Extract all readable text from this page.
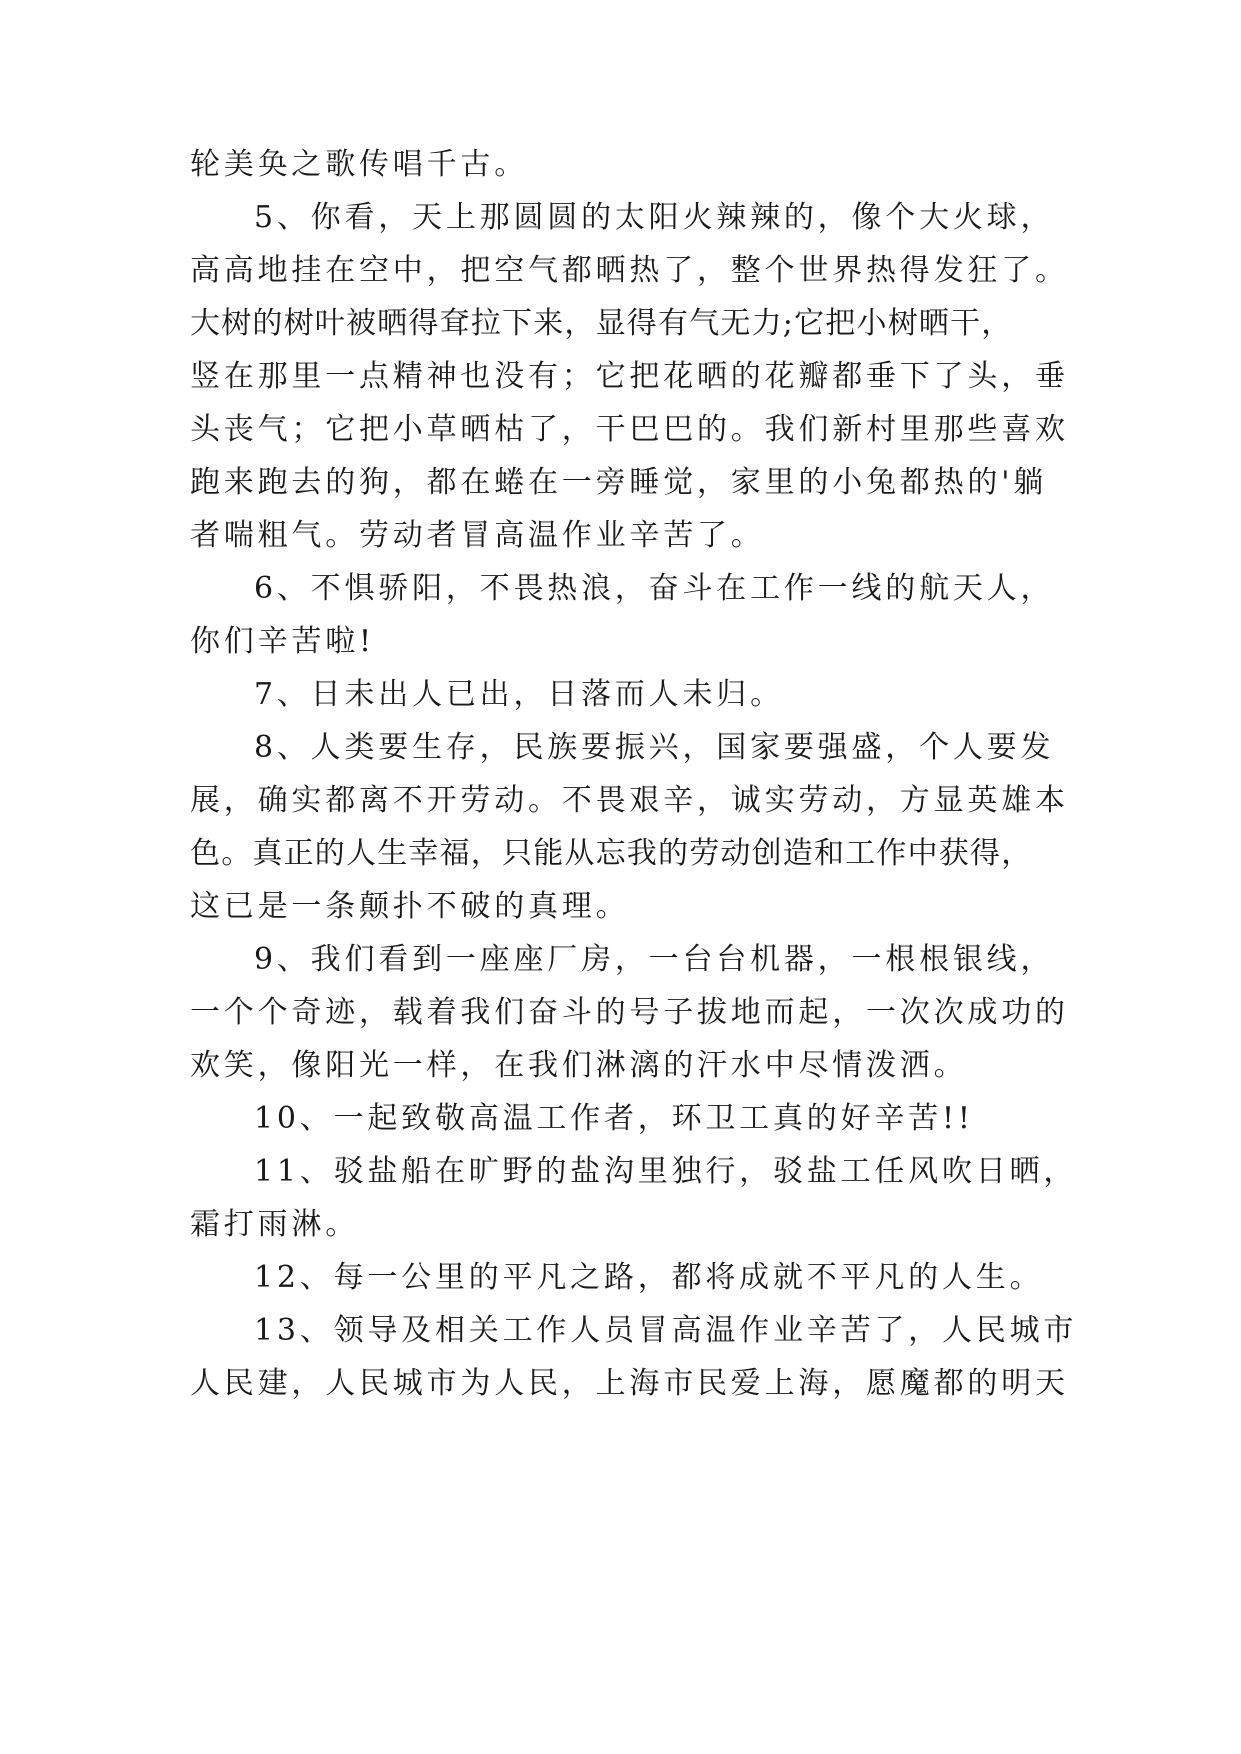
轮美奂之歌传唱千古。
5、你看，天上那圆圆的太阳火辣辣的，像个大火球，
高高地挂在空中，把空气都晒热了，整个世界热得发狂了。
大树的树叶被晒得耷拉下来，显得有气无力;它把小树晒干，
竖在那里一点精神也没有；它把花晒的花瓣都垂下了头，垂
头丧气；它把小草晒枯了，干巴巴的。我们新村里那些喜欢
跑来跑去的狗，都在蜷在一旁睡觉，家里的小兔都热的'躺
者喘粗气。劳动者冒高温作业辛苦了。
6、不惧骄阳，不畏热浪，奋斗在工作一线的航天人，
你们辛苦啦!
7、日未出人已出，日落而人未归。
8、人类要生存，民族要振兴，国家要强盛，个人要发
展，确实都离不开劳动。不畏艰辛，诚实劳动，方显英雄本
色。真正的人生幸福，只能从忘我的劳动创造和工作中获得，
这已是一条颠扑不破的真理。
9、我们看到一座座厂房，一台台机器，一根根银线，
一个个奇迹，载着我们奋斗的号子拔地而起，一次次成功的
欢笑，像阳光一样，在我们淋漓的汗水中尽情泼洒。
10、一起致敬高温工作者，环卫工真的好辛苦!!
11、驳盐船在旷野的盐沟里独行，驳盐工任风吹日晒，
霜打雨淋。
12、每一公里的平凡之路，都将成就不平凡的人生。
13、领导及相关工作人员冒高温作业辛苦了，人民城市
人民建，人民城市为人民，上海市民爱上海，愿魔都的明天
